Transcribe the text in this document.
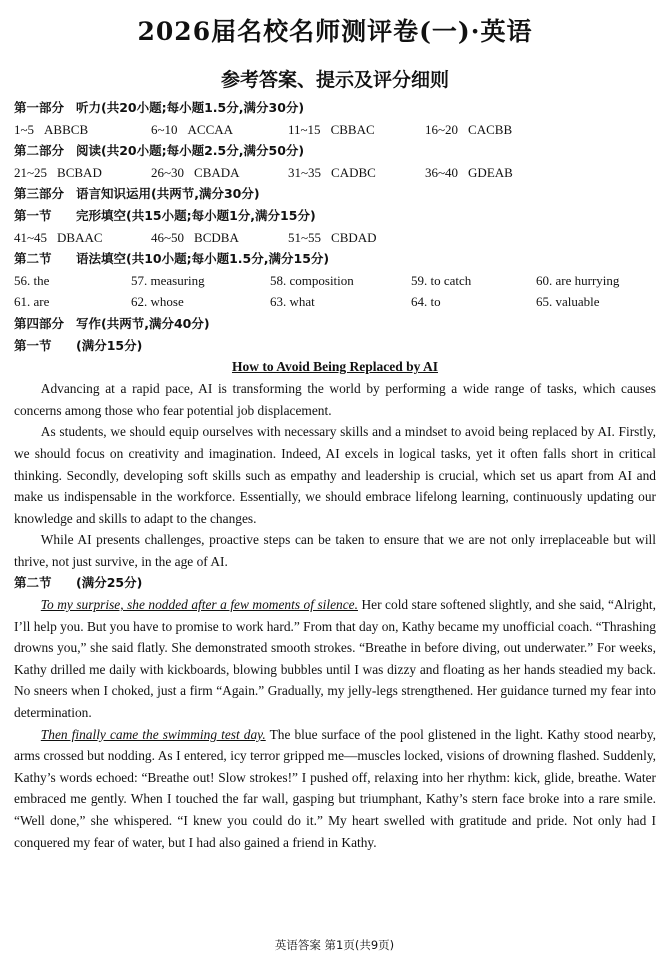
2026届名校名师测评卷(一)·英语
参考答案、提示及评分细则
第一部分 听力(共20小题;每小题1.5分,满分30分)
1~5 ABBCB	6~10 ACCAA	11~15 CBBAC	16~20 CACBB
第二部分 阅读(共20小题;每小题2.5分,满分50分)
21~25 BCBAD	26~30 CBADA	31~35 CADBC	36~40 GDEAB
第三部分 语言知识运用(共两节,满分30分)
第一节 完形填空(共15小题;每小题1分,满分15分)
41~45 DBAAC	46~50 BCDBA	51~55 CBDAD
第二节 语法填空(共10小题;每小题1.5分,满分15分)
56. the	57. measuring	58. composition	59. to catch	60. are hurrying
61. are	62. whose	63. what	64. to	65. valuable
第四部分 写作(共两节,满分40分)
第一节 (满分15分)
How to Avoid Being Replaced by AI

Advancing at a rapid pace, AI is transforming the world by performing a wide range of tasks, which causes concerns among those who fear potential job displacement.

As students, we should equip ourselves with necessary skills and a mindset to avoid being replaced by AI. Firstly, we should focus on creativity and imagination. Indeed, AI excels in logical tasks, yet it often falls short in critical thinking. Secondly, developing soft skills such as empathy and leadership is crucial, which set us apart from AI and make us indispensable in the workforce. Essentially, we should embrace lifelong learning, continuously updating our knowledge and skills to adapt to the changes.

While AI presents challenges, proactive steps can be taken to ensure that we are not only irreplaceable but will thrive, not just survive, in the age of AI.

第二节 (满分25分)

To my surprise, she nodded after a few moments of silence. Her cold stare softened slightly, and she said, “Alright, I’ll help you. But you have to promise to work hard.” From that day on, Kathy became my unofficial coach. “Thrashing drowns you,” she said flatly. She demonstrated smooth strokes. “Breathe in before diving, out underwater.” For weeks, Kathy drilled me daily with kickboards, blowing bubbles until I was dizzy and floating as her hands steadied my back. No sneers when I choked, just a firm “Again.” Gradually, my jelly-legs strengthened. Her guidance turned my fear into determination.

Then finally came the swimming test day. The blue surface of the pool glistened in the light. Kathy stood nearby, arms crossed but nodding. As I entered, icy terror gripped me—muscles locked, visions of drowning flashed. Suddenly, Kathy’s words echoed: “Breathe out! Slow strokes!” I pushed off, relaxing into her rhythm: kick, glide, breathe. Water embraced me gently. When I touched the far wall, gasping but triumphant, Kathy’s stern face broke into a rare smile. “Well done,” she whispered. “I knew you could do it.” My heart swelled with gratitude and pride. Not only had I conquered my fear of water, but I had also gained a friend in Kathy.

英语答案 第1页(共9页)
